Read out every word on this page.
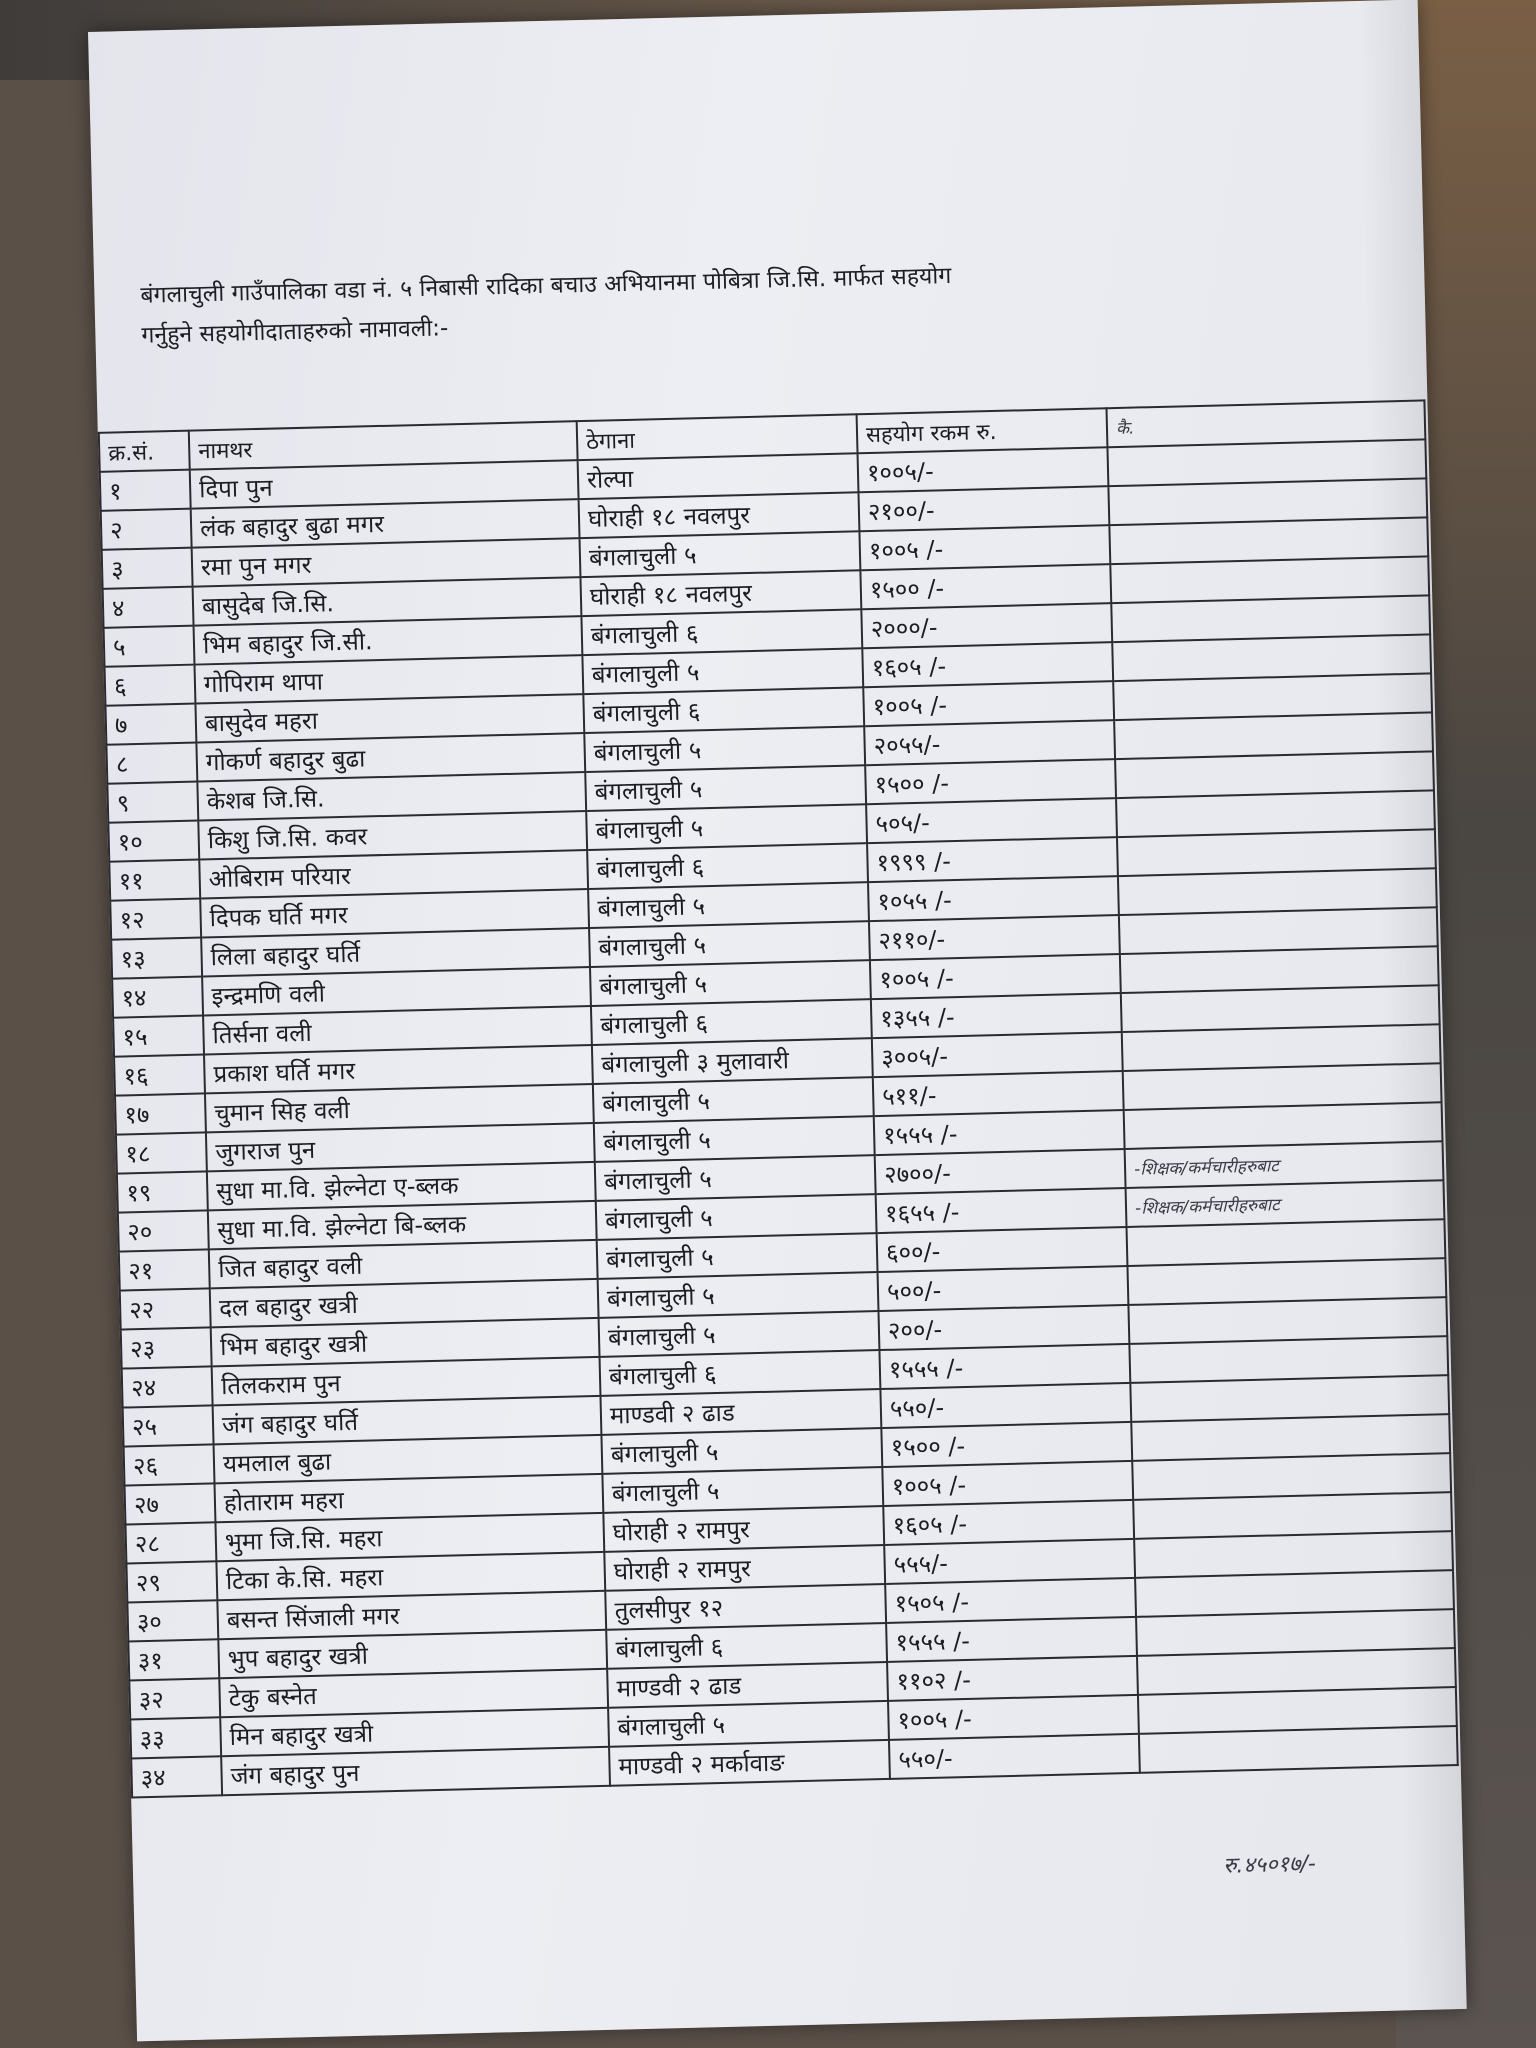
बंगलाचुली गाउँपालिका वडा नं. ५ निबासी रादिका बचाउ अभियानमा पोबित्रा जि.सि. मार्फत सहयोग
गर्नुहुने सहयोगीदाताहरुको नामावली:-
क्र.सं.	नामथर	ठेगाना	सहयोग रकम रु.	कै.
१	दिपा पुन	रोल्पा	१००५/-	
२	लंक बहादुर बुढा मगर	घोराही १८ नवलपुर	२१००/-	
३	रमा पुन मगर	बंगलाचुली ५	१००५ /-	
४	बासुदेब जि.सि.	घोराही १८ नवलपुर	१५०० /-	
५	भिम बहादुर जि.सी.	बंगलाचुली ६	२०००/-	
६	गोपिराम थापा	बंगलाचुली ५	१६०५ /-	
७	बासुदेव महरा	बंगलाचुली ६	१००५ /-	
८	गोकर्ण बहादुर बुढा	बंगलाचुली ५	२०५५/-	
९	केशब जि.सि.	बंगलाचुली ५	१५०० /-	
१०	किशु जि.सि. कवर	बंगलाचुली ५	५०५/-	
११	ओबिराम परियार	बंगलाचुली ६	१९९९ /-	
१२	दिपक घर्ति मगर	बंगलाचुली ५	१०५५ /-	
१३	लिला बहादुर घर्ति	बंगलाचुली ५	२११०/-	
१४	इन्द्रमणि वली	बंगलाचुली ५	१००५ /-	
१५	तिर्सना वली	बंगलाचुली ६	१३५५ /-	
१६	प्रकाश घर्ति मगर	बंगलाचुली ३ मुलावारी	३००५/-	
१७	चुमान सिह वली	बंगलाचुली ५	५११/-	
१८	जुगराज पुन	बंगलाचुली ५	१५५५ /-	
१९	सुधा मा.वि. झेल्नेटा ए-ब्लक	बंगलाचुली ५	२७००/-	-शिक्षक/कर्मचारीहरुबाट
२०	सुधा मा.वि. झेल्नेटा बि-ब्लक	बंगलाचुली ५	१६५५ /-	-शिक्षक/कर्मचारीहरुबाट
२१	जित बहादुर वली	बंगलाचुली ५	६००/-	
२२	दल बहादुर खत्री	बंगलाचुली ५	५००/-	
२३	भिम बहादुर खत्री	बंगलाचुली ५	२००/-	
२४	तिलकराम पुन	बंगलाचुली ६	१५५५ /-	
२५	जंग बहादुर घर्ति	माण्डवी २ ढाड	५५०/-	
२६	यमलाल बुढा	बंगलाचुली ५	१५०० /-	
२७	होताराम महरा	बंगलाचुली ५	१००५ /-	
२८	भुमा जि.सि. महरा	घोराही २ रामपुर	१६०५ /-	
२९	टिका के.सि. महरा	घोराही २ रामपुर	५५५/-	
३०	बसन्त सिंजाली मगर	तुलसीपुर १२	१५०५ /-	
३१	भुप बहादुर खत्री	बंगलाचुली ६	१५५५ /-	
३२	टेकु बस्नेत	माण्डवी २ ढाड	११०२ /-	
३३	मिन बहादुर खत्री	बंगलाचुली ५	१००५ /-	
३४	जंग बहादुर पुन	माण्डवी २ मर्कावाङ	५५०/-	
रु.४५०१७/-
